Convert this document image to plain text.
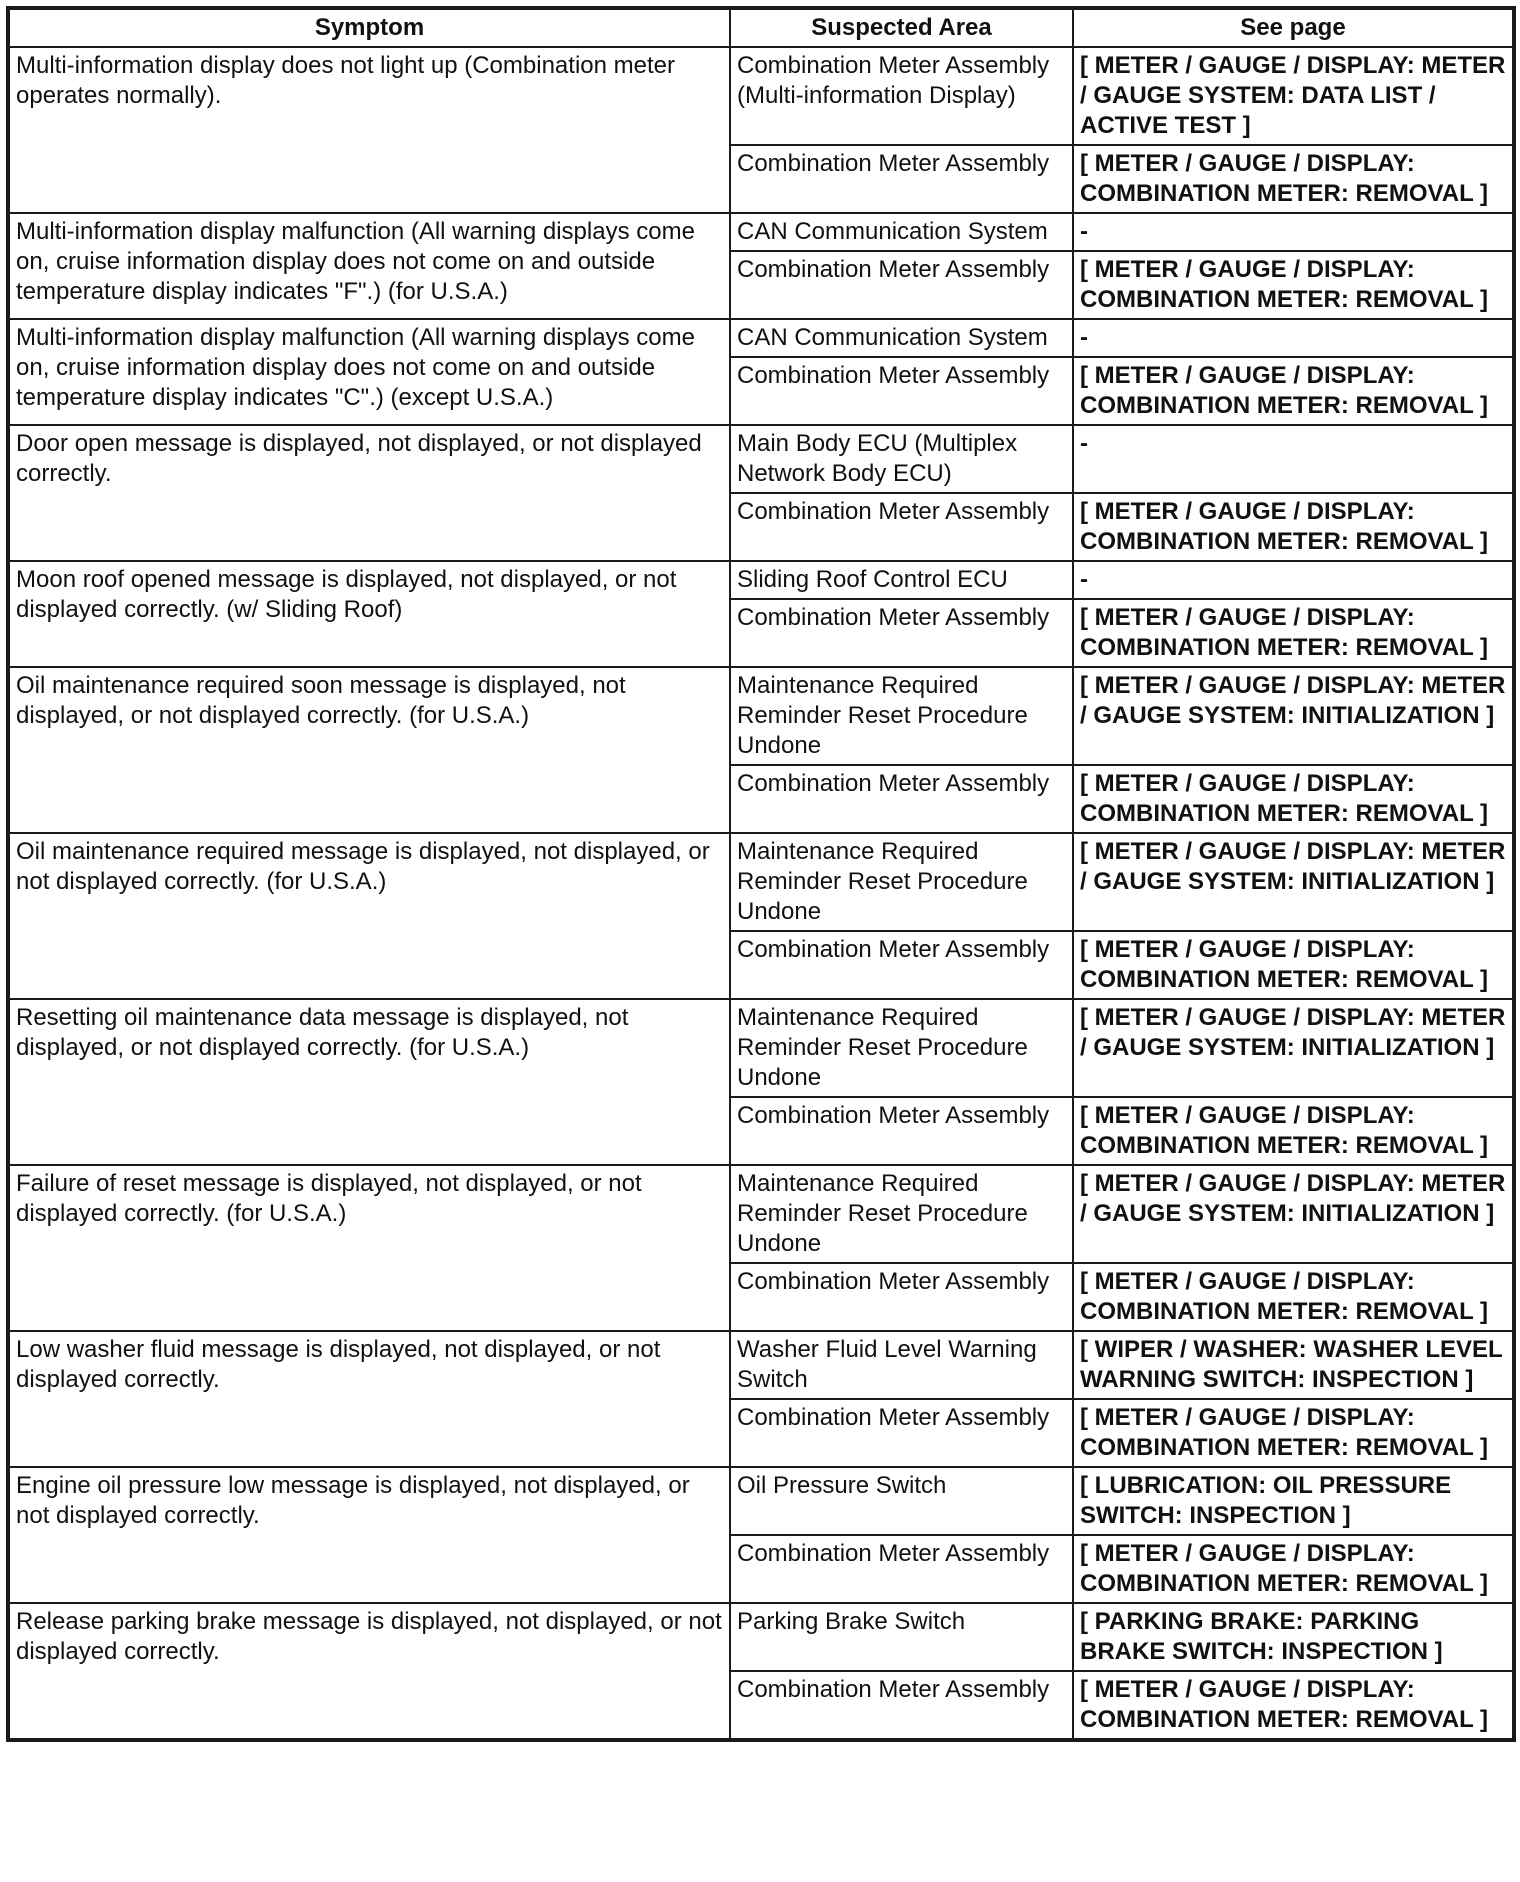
Symptom	Suspected Area	See page
Multi-information display does not light up (Combination meter operates normally).	Combination Meter Assembly (Multi-information Display)	[ METER / GAUGE / DISPLAY: METER / GAUGE SYSTEM: DATA LIST / ACTIVE TEST ]
	Combination Meter Assembly	[ METER / GAUGE / DISPLAY: COMBINATION METER: REMOVAL ]
Multi-information display malfunction (All warning displays come on, cruise information display does not come on and outside temperature display indicates "F".) (for U.S.A.)	CAN Communication System	-
	Combination Meter Assembly	[ METER / GAUGE / DISPLAY: COMBINATION METER: REMOVAL ]
Multi-information display malfunction (All warning displays come on, cruise information display does not come on and outside temperature display indicates "C".) (except U.S.A.)	CAN Communication System	-
	Combination Meter Assembly	[ METER / GAUGE / DISPLAY: COMBINATION METER: REMOVAL ]
Door open message is displayed, not displayed, or not displayed correctly.	Main Body ECU (Multiplex Network Body ECU)	-
	Combination Meter Assembly	[ METER / GAUGE / DISPLAY: COMBINATION METER: REMOVAL ]
Moon roof opened message is displayed, not displayed, or not displayed correctly. (w/ Sliding Roof)	Sliding Roof Control ECU	-
	Combination Meter Assembly	[ METER / GAUGE / DISPLAY: COMBINATION METER: REMOVAL ]
Oil maintenance required soon message is displayed, not displayed, or not displayed correctly. (for U.S.A.)	Maintenance Required Reminder Reset Procedure Undone	[ METER / GAUGE / DISPLAY: METER / GAUGE SYSTEM: INITIALIZATION ]
	Combination Meter Assembly	[ METER / GAUGE / DISPLAY: COMBINATION METER: REMOVAL ]
Oil maintenance required message is displayed, not displayed, or not displayed correctly. (for U.S.A.)	Maintenance Required Reminder Reset Procedure Undone	[ METER / GAUGE / DISPLAY: METER / GAUGE SYSTEM: INITIALIZATION ]
	Combination Meter Assembly	[ METER / GAUGE / DISPLAY: COMBINATION METER: REMOVAL ]
Resetting oil maintenance data message is displayed, not displayed, or not displayed correctly. (for U.S.A.)	Maintenance Required Reminder Reset Procedure Undone	[ METER / GAUGE / DISPLAY: METER / GAUGE SYSTEM: INITIALIZATION ]
	Combination Meter Assembly	[ METER / GAUGE / DISPLAY: COMBINATION METER: REMOVAL ]
Failure of reset message is displayed, not displayed, or not displayed correctly. (for U.S.A.)	Maintenance Required Reminder Reset Procedure Undone	[ METER / GAUGE / DISPLAY: METER / GAUGE SYSTEM: INITIALIZATION ]
	Combination Meter Assembly	[ METER / GAUGE / DISPLAY: COMBINATION METER: REMOVAL ]
Low washer fluid message is displayed, not displayed, or not displayed correctly.	Washer Fluid Level Warning Switch	[ WIPER / WASHER: WASHER LEVEL WARNING SWITCH: INSPECTION ]
	Combination Meter Assembly	[ METER / GAUGE / DISPLAY: COMBINATION METER: REMOVAL ]
Engine oil pressure low message is displayed, not displayed, or not displayed correctly.	Oil Pressure Switch	[ LUBRICATION: OIL PRESSURE SWITCH: INSPECTION ]
	Combination Meter Assembly	[ METER / GAUGE / DISPLAY: COMBINATION METER: REMOVAL ]
Release parking brake message is displayed, not displayed, or not displayed correctly.	Parking Brake Switch	[ PARKING BRAKE: PARKING BRAKE SWITCH: INSPECTION ]
	Combination Meter Assembly	[ METER / GAUGE / DISPLAY: COMBINATION METER: REMOVAL ]
